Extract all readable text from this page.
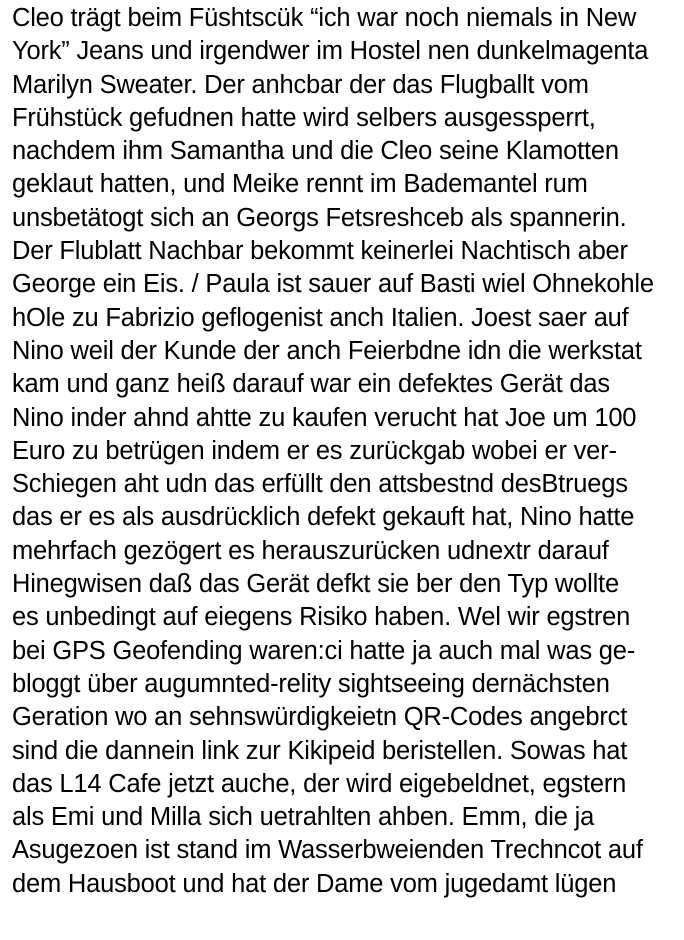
Cleo trägt beim Füshtscük “ich war noch niemals in New
York” Jeans und irgendwer im Hostel nen dunkelmagenta
Marilyn Sweater. Der anhcbar der das Flugballt vom
Frühstück gefudnen hatte wird selbers ausgessperrt,
nachdem ihm Samantha und die Cleo seine Klamotten
geklaut hatten, und Meike rennt im Bademantel rum
unsbetätogt sich an Georgs Fetsreshceb als spannerin.
Der Flublatt Nachbar bekommt keinerlei Nachtisch aber
George ein Eis. / Paula ist sauer auf Basti wiel Ohnekohle
hOle zu Fabrizio geflogenist anch Italien. Joest saer auf
Nino weil der Kunde der anch Feierbdne idn die werkstat
kam und ganz heiß darauf war ein defektes Gerät das
Nino inder ahnd ahtte zu kaufen verucht hat Joe um 100
Euro zu betrügen indem er es zurückgab wobei er ver-
Schiegen aht udn das erfüllt den attsbestnd desBtruegs
das er es als ausdrücklich defekt gekauft hat, Nino hatte
mehrfach gezögert es herauszurücken udnextr darauf
Hinegwisen daß das Gerät defkt sie ber den Typ wollte
es unbedingt auf eiegens Risiko haben. Wel wir egstren
bei GPS Geofending waren:ci hatte ja auch mal was ge-
bloggt über augumnted-relity sightseeing dernächsten
Geration wo an sehnswürdigkeietn QR-Codes angebrct
sind die dannein link zur Kikipeid beristellen. Sowas hat
das L14 Cafe jetzt auche, der wird eigebeldnet, egstern
als Emi und Milla sich uetrahlten ahben. Emm, die ja
Asugezoen ist stand im Wasserbweienden Trechncot auf
dem Hausboot und hat der Dame vom jugedamt lügen
